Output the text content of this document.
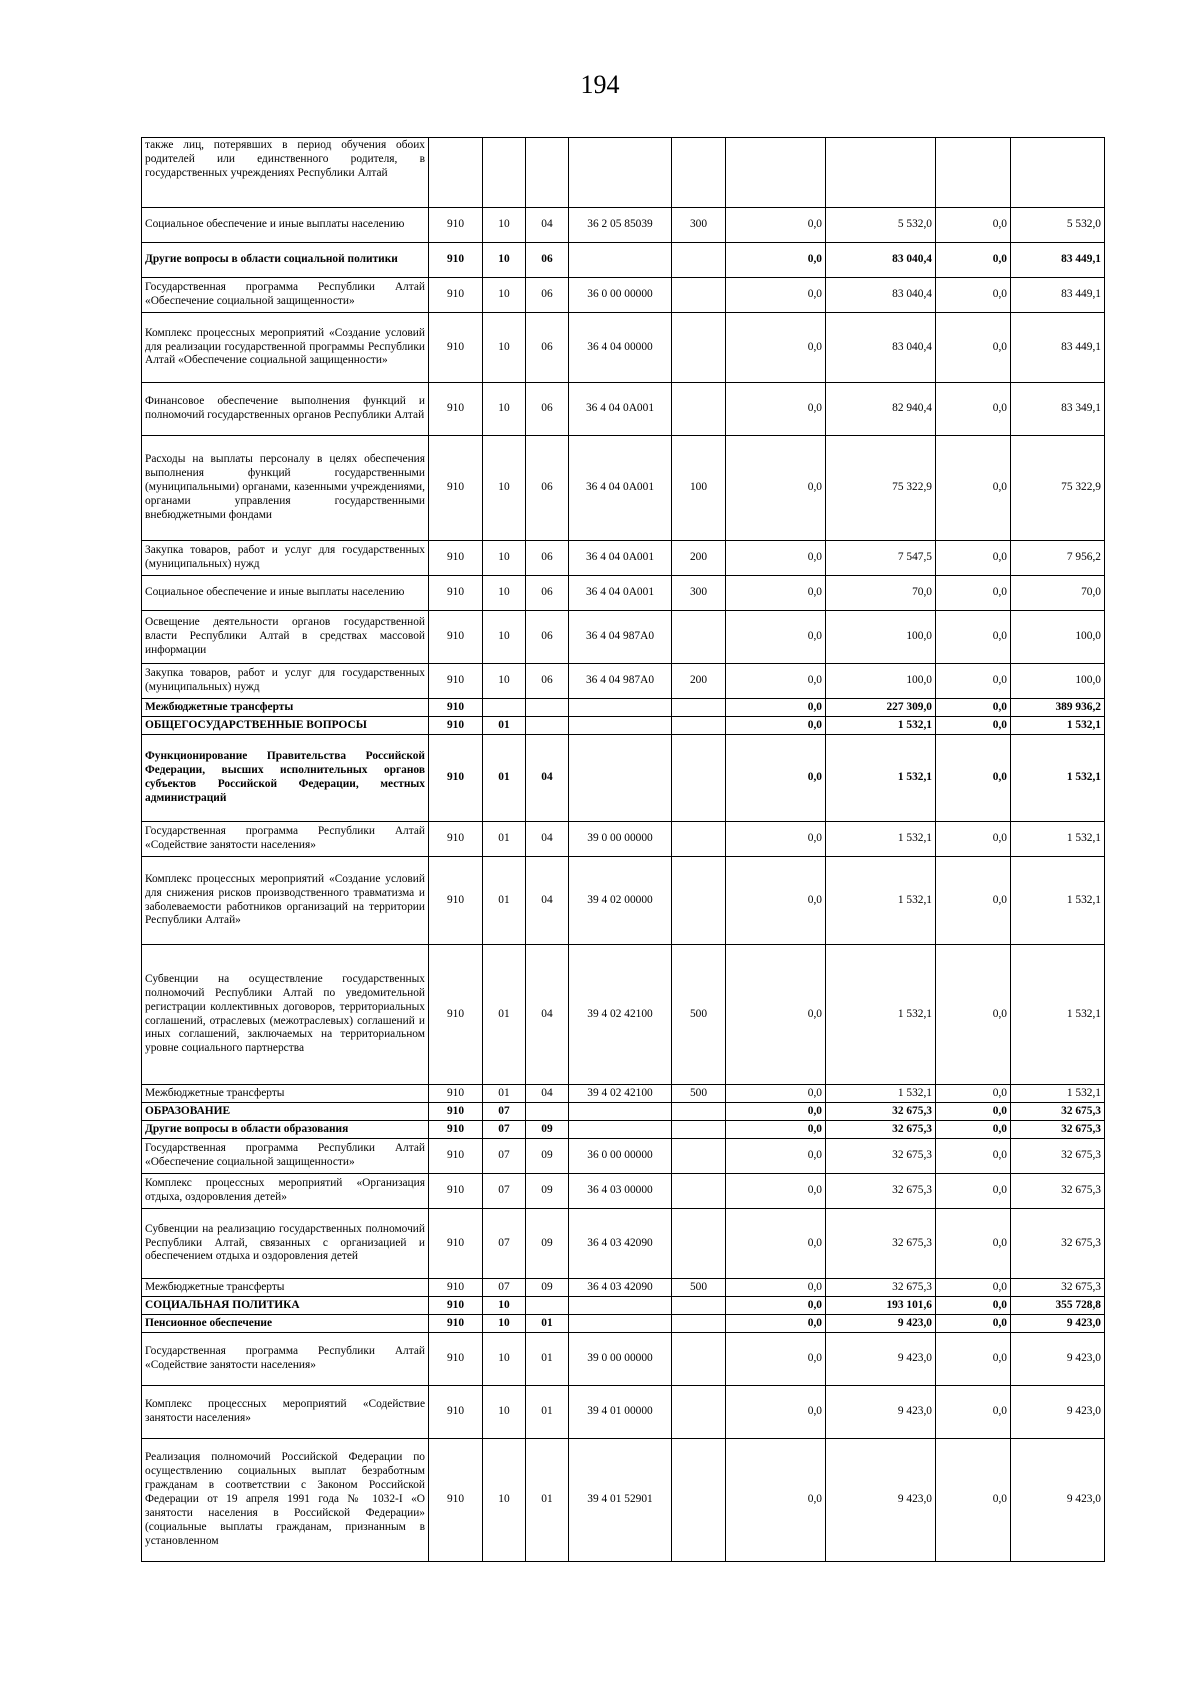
194
также лиц, потерявших в период обучения обоих родителей или единственного родителя, в государственных учреждениях Республики Алтай									
Социальное обеспечение и иные выплаты населению	910	10	04	36 2 05 85039	300	0,0	5 532,0	0,0	5 532,0
Другие вопросы в области социальной политики	910	10	06			0,0	83 040,4	0,0	83 449,1
Государственная программа Республики Алтай «Обеспечение социальной защищенности»	910	10	06	36 0 00 00000		0,0	83 040,4	0,0	83 449,1
Комплекс процессных мероприятий «Создание условий для реализации государственной программы Республики Алтай «Обеспечение социальной защищенности»	910	10	06	36 4 04 00000		0,0	83 040,4	0,0	83 449,1
Финансовое обеспечение выполнения функций и полномочий государственных органов Республики Алтай	910	10	06	36 4 04 0А001		0,0	82 940,4	0,0	83 349,1
Расходы на выплаты персоналу в целях обеспечения выполнения функций государственными (муниципальными) органами, казенными учреждениями, органами управления государственными внебюджетными фондами	910	10	06	36 4 04 0А001	100	0,0	75 322,9	0,0	75 322,9
Закупка товаров, работ и услуг для государственных (муниципальных) нужд	910	10	06	36 4 04 0А001	200	0,0	7 547,5	0,0	7 956,2
Социальное обеспечение и иные выплаты населению	910	10	06	36 4 04 0А001	300	0,0	70,0	0,0	70,0
Освещение деятельности органов государственной власти Республики Алтай в средствах массовой информации	910	10	06	36 4 04 987А0		0,0	100,0	0,0	100,0
Закупка товаров, работ и услуг для государственных (муниципальных) нужд	910	10	06	36 4 04 987А0	200	0,0	100,0	0,0	100,0
Межбюджетные трансферты	910					0,0	227 309,0	0,0	389 936,2
ОБЩЕГОСУДАРСТВЕННЫЕ ВОПРОСЫ	910	01				0,0	1 532,1	0,0	1 532,1
Функционирование Правительства Российской Федерации, высших исполнительных органов субъектов Российской Федерации, местных администраций	910	01	04			0,0	1 532,1	0,0	1 532,1
Государственная программа Республики Алтай «Содействие занятости населения»	910	01	04	39 0 00 00000		0,0	1 532,1	0,0	1 532,1
Комплекс процессных мероприятий «Создание условий для снижения рисков производственного травматизма и заболеваемости работников организаций на территории Республики Алтай»	910	01	04	39 4 02 00000		0,0	1 532,1	0,0	1 532,1
Субвенции на осуществление государственных полномочий Республики Алтай по уведомительной регистрации коллективных договоров, территориальных соглашений, отраслевых (межотраслевых) соглашений и иных соглашений, заключаемых на территориальном уровне социального партнерства	910	01	04	39 4 02 42100	500	0,0	1 532,1	0,0	1 532,1
Межбюджетные трансферты	910	01	04	39 4 02 42100	500	0,0	1 532,1	0,0	1 532,1
ОБРАЗОВАНИЕ	910	07				0,0	32 675,3	0,0	32 675,3
Другие вопросы в области образования	910	07	09			0,0	32 675,3	0,0	32 675,3
Государственная программа Республики Алтай «Обеспечение социальной защищенности»	910	07	09	36 0 00 00000		0,0	32 675,3	0,0	32 675,3
Комплекс процессных мероприятий «Организация отдыха, оздоровления детей»	910	07	09	36 4 03 00000		0,0	32 675,3	0,0	32 675,3
Субвенции на реализацию государственных полномочий Республики Алтай, связанных с организацией и обеспечением отдыха и оздоровления детей	910	07	09	36 4 03 42090		0,0	32 675,3	0,0	32 675,3
Межбюджетные трансферты	910	07	09	36 4 03 42090	500	0,0	32 675,3	0,0	32 675,3
СОЦИАЛЬНАЯ ПОЛИТИКА	910	10				0,0	193 101,6	0,0	355 728,8
Пенсионное обеспечение	910	10	01			0,0	9 423,0	0,0	9 423,0
Государственная программа Республики Алтай «Содействие занятости населения»	910	10	01	39 0 00 00000		0,0	9 423,0	0,0	9 423,0
Комплекс процессных мероприятий «Содействие занятости населения»	910	10	01	39 4 01 00000		0,0	9 423,0	0,0	9 423,0
Реализация полномочий Российской Федерации по осуществлению социальных выплат безработным гражданам в соответствии с Законом Российской Федерации от 19 апреля 1991 года № 1032-I «О занятости населения в Российской Федерации» (социальные выплаты гражданам, признанным в установленном	910	10	01	39 4 01 52901		0,0	9 423,0	0,0	9 423,0
